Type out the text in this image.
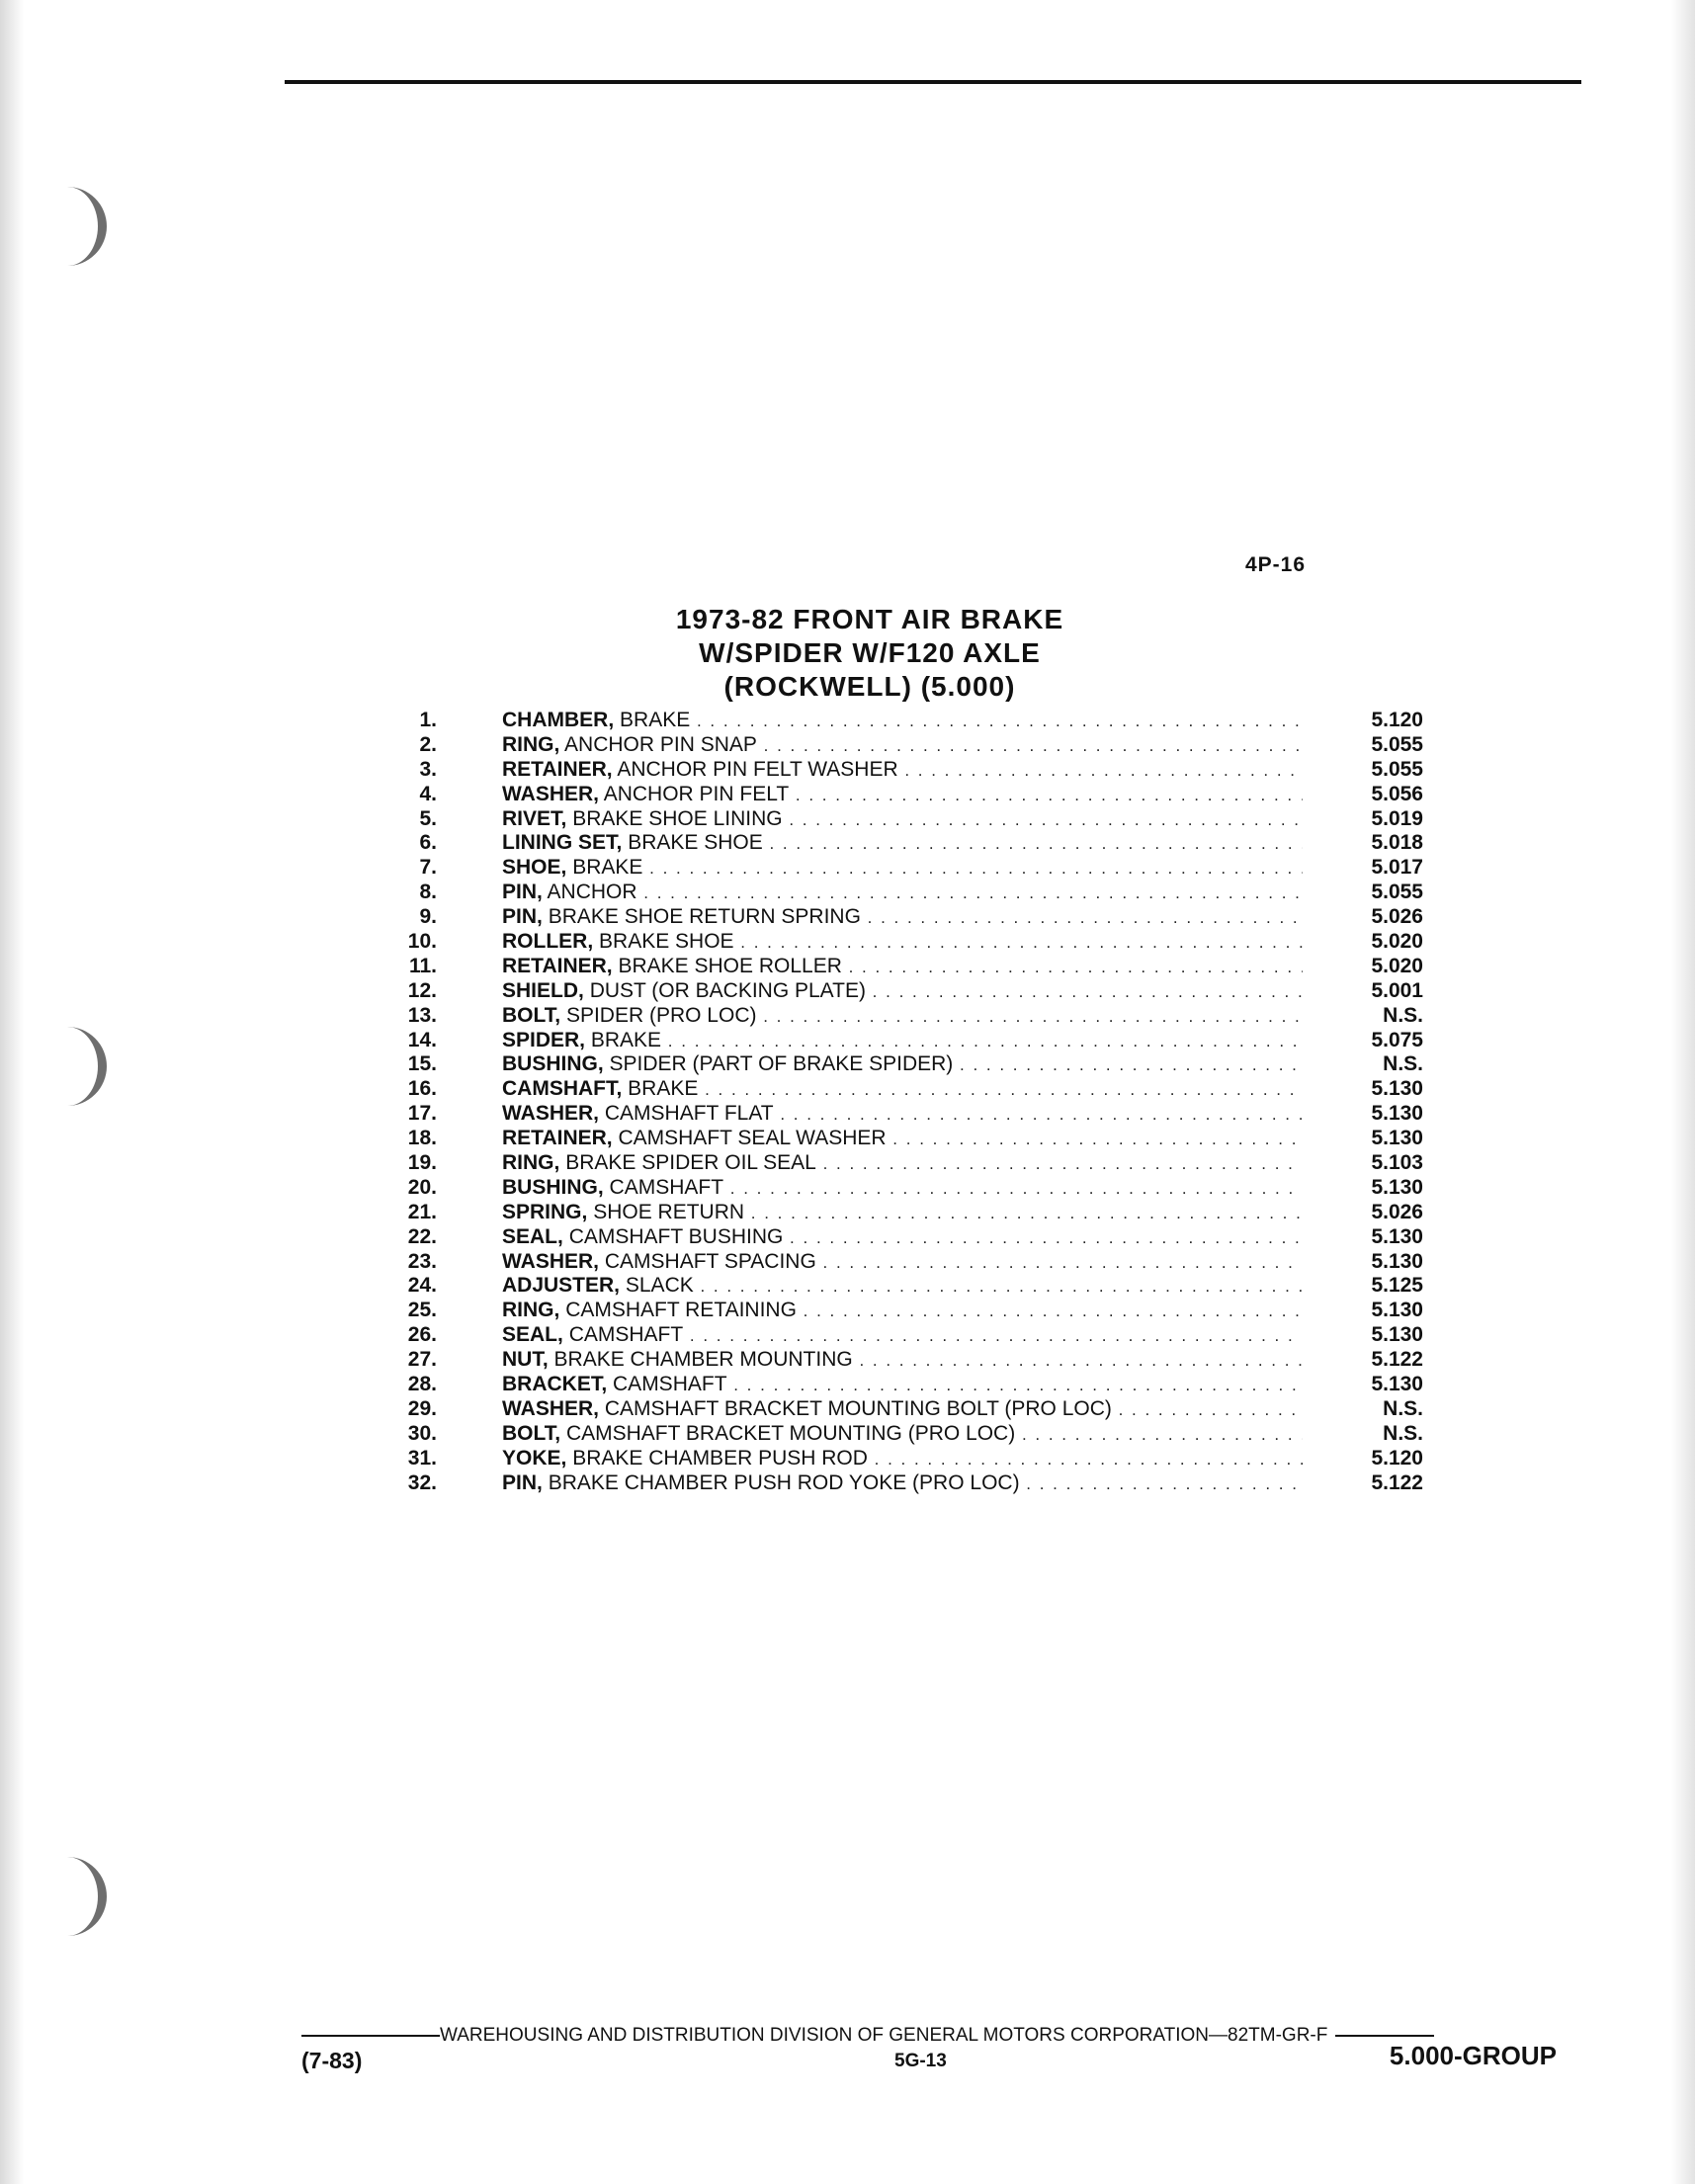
4P-16
1973-82 FRONT AIR BRAKE
W/SPIDER W/F120 AXLE
(ROCKWELL) (5.000)
1.	CHAMBER, BRAKE . . .	5.120
2.	RING, ANCHOR PIN SNAP . . .	5.055
3.	RETAINER, ANCHOR PIN FELT WASHER . . .	5.055
4.	WASHER, ANCHOR PIN FELT . . .	5.056
5.	RIVET, BRAKE SHOE LINING . . .	5.019
6.	LINING SET, BRAKE SHOE . . .	5.018
7.	SHOE, BRAKE . . .	5.017
8.	PIN, ANCHOR . . .	5.055
9.	PIN, BRAKE SHOE RETURN SPRING . . .	5.026
10.	ROLLER, BRAKE SHOE . . .	5.020
11.	RETAINER, BRAKE SHOE ROLLER . . .	5.020
12.	SHIELD, DUST (OR BACKING PLATE) . . .	5.001
13.	BOLT, SPIDER (PRO LOC) . . .	N.S.
14.	SPIDER, BRAKE . . .	5.075
15.	BUSHING, SPIDER (PART OF BRAKE SPIDER) . . .	N.S.
16.	CAMSHAFT, BRAKE . . .	5.130
17.	WASHER, CAMSHAFT FLAT . . .	5.130
18.	RETAINER, CAMSHAFT SEAL WASHER . . .	5.130
19.	RING, BRAKE SPIDER OIL SEAL . . .	5.103
20.	BUSHING, CAMSHAFT . . .	5.130
21.	SPRING, SHOE RETURN . . .	5.026
22.	SEAL, CAMSHAFT BUSHING . . .	5.130
23.	WASHER, CAMSHAFT SPACING . . .	5.130
24.	ADJUSTER, SLACK . . .	5.125
25.	RING, CAMSHAFT RETAINING . . .	5.130
26.	SEAL, CAMSHAFT . . .	5.130
27.	NUT, BRAKE CHAMBER MOUNTING . . .	5.122
28.	BRACKET, CAMSHAFT . . .	5.130
29.	WASHER, CAMSHAFT BRACKET MOUNTING BOLT (PRO LOC) . . .	N.S.
30.	BOLT, CAMSHAFT BRACKET MOUNTING (PRO LOC) . . .	N.S.
31.	YOKE, BRAKE CHAMBER PUSH ROD . . .	5.120
32.	PIN, BRAKE CHAMBER PUSH ROD YOKE (PRO LOC) . . .	5.122
WAREHOUSING AND DISTRIBUTION DIVISION OF GENERAL MOTORS CORPORATION—82TM-GR-F
(7-83)	5G-13	5.000-GROUP
